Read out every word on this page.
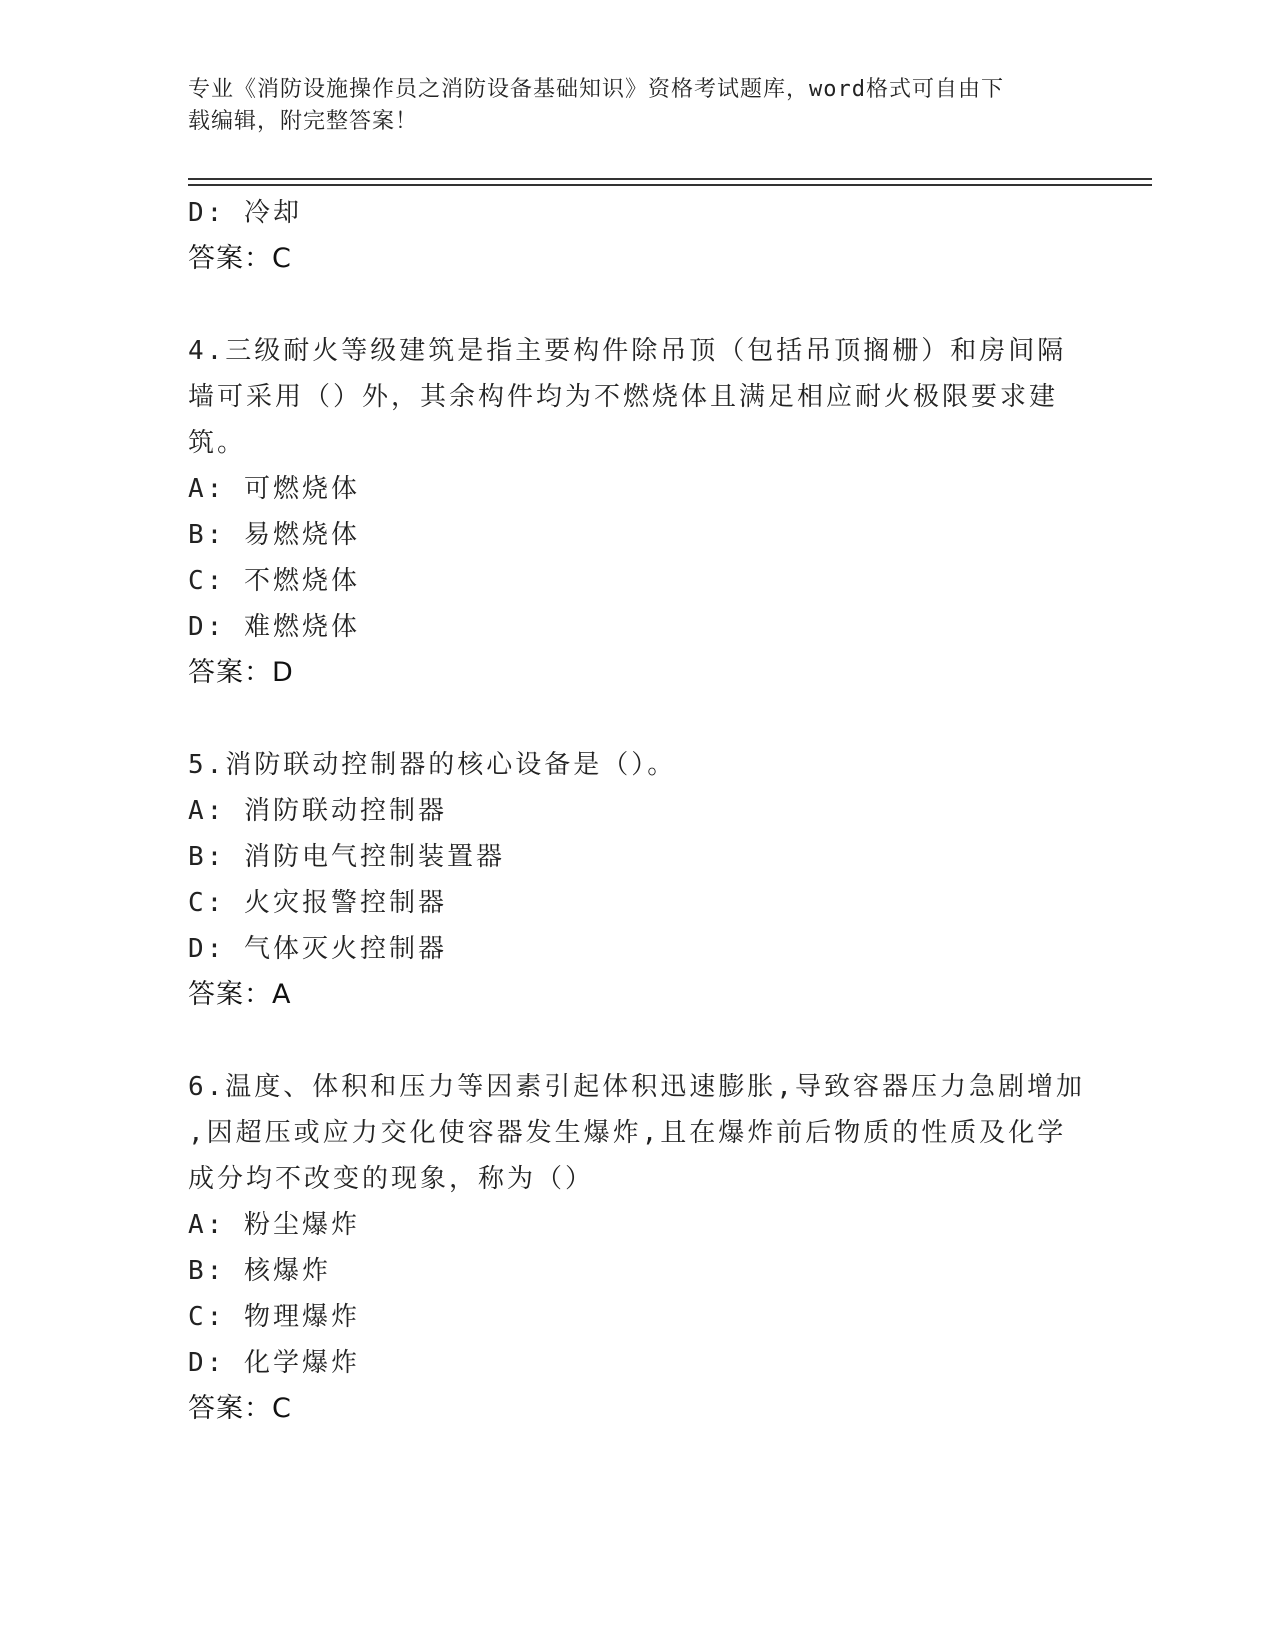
专业《消防设施操作员之消防设备基础知识》资格考试题库，word格式可自由下
载编辑，附完整答案！
D: 冷却
答案：C
4.三级耐火等级建筑是指主要构件除吊顶（包括吊顶搁栅）和房间隔
墙可采用（）外，其余构件均为不燃烧体且满足相应耐火极限要求建
筑。
A: 可燃烧体
B: 易燃烧体
C: 不燃烧体
D: 难燃烧体
答案：D
5.消防联动控制器的核心设备是（）。
A: 消防联动控制器
B: 消防电气控制装置器
C: 火灾报警控制器
D: 气体灭火控制器
答案：A
6.温度、体积和压力等因素引起体积迅速膨胀,导致容器压力急剧增加
,因超压或应力交化使容器发生爆炸,且在爆炸前后物质的性质及化学
成分均不改变的现象，称为（）
A: 粉尘爆炸
B: 核爆炸
C: 物理爆炸
D: 化学爆炸
答案：C
